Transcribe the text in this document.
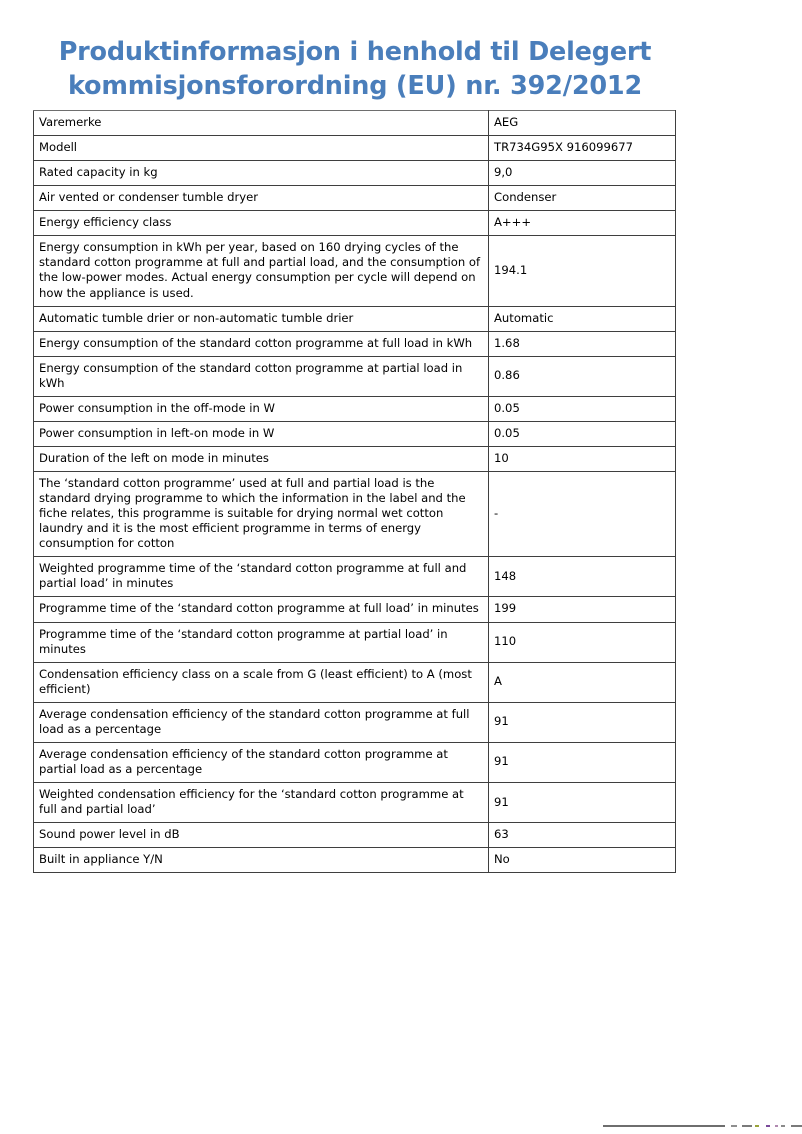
Produktinformasjon i henhold til Delegert
kommisjonsforordning (EU) nr. 392/2012
Varemerke	AEG
Modell	TR734G95X 916099677
Rated capacity in kg	9,0
Air vented or condenser tumble dryer	Condenser
Energy efficiency class	A+++
Energy consumption in kWh per year, based on 160 drying cycles of the standard cotton programme at full and partial load, and the consumption of the low-power modes. Actual energy consumption per cycle will depend on how the appliance is used.	194.1
Automatic tumble drier or non-automatic tumble drier	Automatic
Energy consumption of the standard cotton programme at full load in kWh	1.68
Energy consumption of the standard cotton programme at partial load in kWh	0.86
Power consumption in the off-mode in W	0.05
Power consumption in left-on mode in W	0.05
Duration of the left on mode in minutes	10
The ‘standard cotton programme’ used at full and partial load is the standard drying programme to which the information in the label and the fiche relates, this programme is suitable for drying normal wet cotton laundry and it is the most efficient programme in terms of energy consumption for cotton	-
Weighted programme time of the ‘standard cotton programme at full and partial load’ in minutes	148
Programme time of the ‘standard cotton programme at full load’ in minutes	199
Programme time of the ‘standard cotton programme at partial load’ in minutes	110
Condensation efficiency class on a scale from G (least efficient) to A (most efficient)	A
Average condensation efficiency of the standard cotton programme at full load as a percentage	91
Average condensation efficiency of the standard cotton programme at partial load as a percentage	91
Weighted condensation efficiency for the ‘standard cotton programme at full and partial load’	91
Sound power level in dB	63
Built in appliance Y/N	No
